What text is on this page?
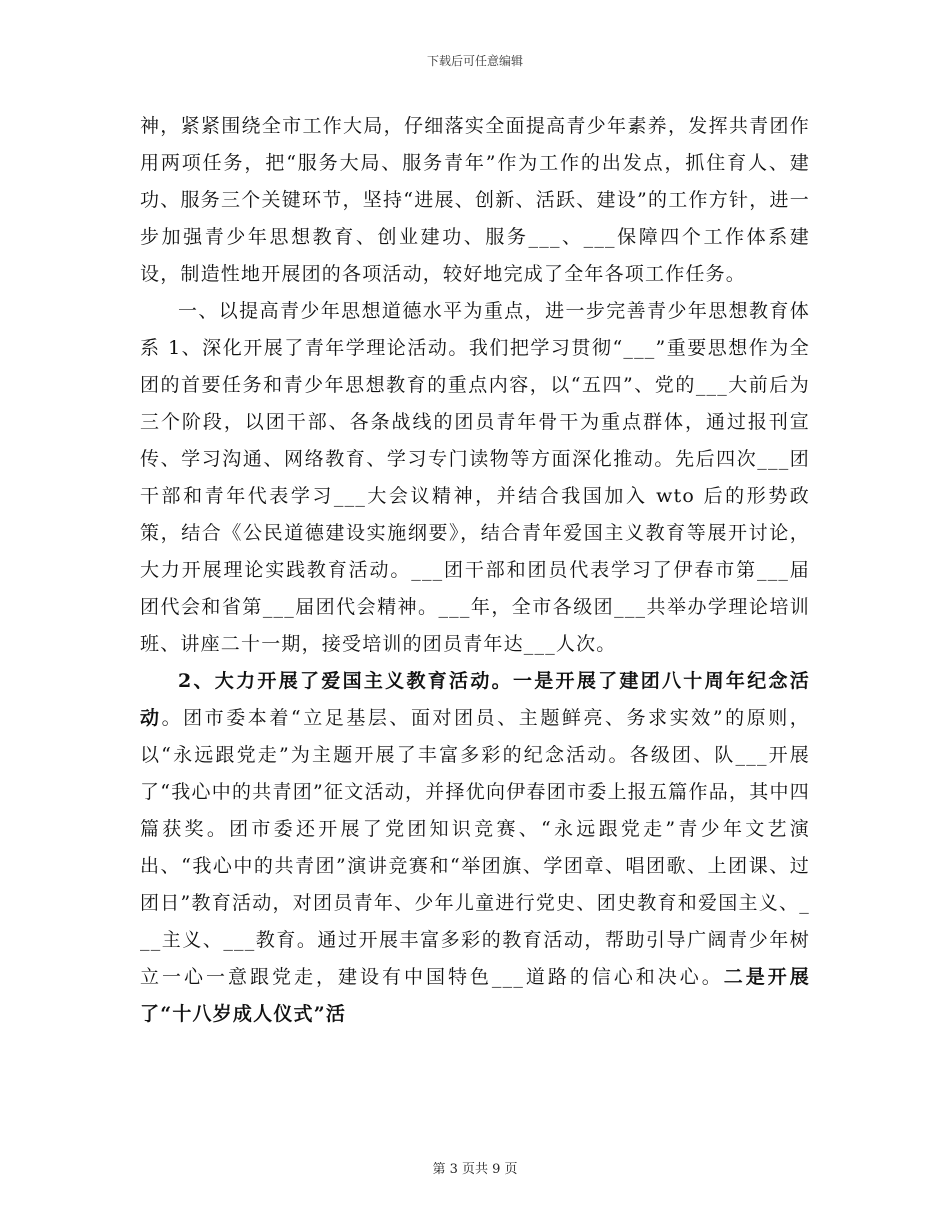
下载后可任意编辑

神，紧紧围绕全市工作大局，仔细落实全面提高青少年素养，发挥共青团作用两项任务，把“服务大局、服务青年”作为工作的出发点，抓住育人、建功、服务三个关键环节，坚持“进展、创新、活跃、建设”的工作方针，进一步加强青少年思想教育、创业建功、服务___、___保障四个工作体系建设，制造性地开展团的各项活动，较好地完成了全年各项工作任务。

一、以提高青少年思想道德水平为重点，进一步完善青少年思想教育体系 1、深化开展了青年学理论活动。我们把学习贯彻“___”重要思想作为全团的首要任务和青少年思想教育的重点内容，以“五四”、党的___大前后为三个阶段，以团干部、各条战线的团员青年骨干为重点群体，通过报刊宣传、学习沟通、网络教育、学习专门读物等方面深化推动。先后四次___团干部和青年代表学习___大会议精神，并结合我国加入 wto 后的形势政策，结合《公民道德建设实施纲要》，结合青年爱国主义教育等展开讨论，大力开展理论实践教育活动。___团干部和团员代表学习了伊春市第___届团代会和省第___届团代会精神。___年，全市各级团___共举办学理论培训班、讲座二十一期，接受培训的团员青年达___人次。

2、大力开展了爱国主义教育活动。一是开展了建团八十周年纪念活动。团市委本着“立足基层、面对团员、主题鲜亮、务求实效”的原则，以“永远跟党走”为主题开展了丰富多彩的纪念活动。各级团、队___开展了“我心中的共青团”征文活动，并择优向伊春团市委上报五篇作品，其中四篇获奖。团市委还开展了党团知识竞赛、“永远跟党走”青少年文艺演出、“我心中的共青团”演讲竞赛和“举团旗、学团章、唱团歌、上团课、过团日”教育活动，对团员青年、少年儿童进行党史、团史教育和爱国主义、___主义、___教育。通过开展丰富多彩的教育活动，帮助引导广阔青少年树立一心一意跟党走，建设有中国特色___道路的信心和决心。二是开展了“十八岁成人仪式”活

第 3 页共 9 页
